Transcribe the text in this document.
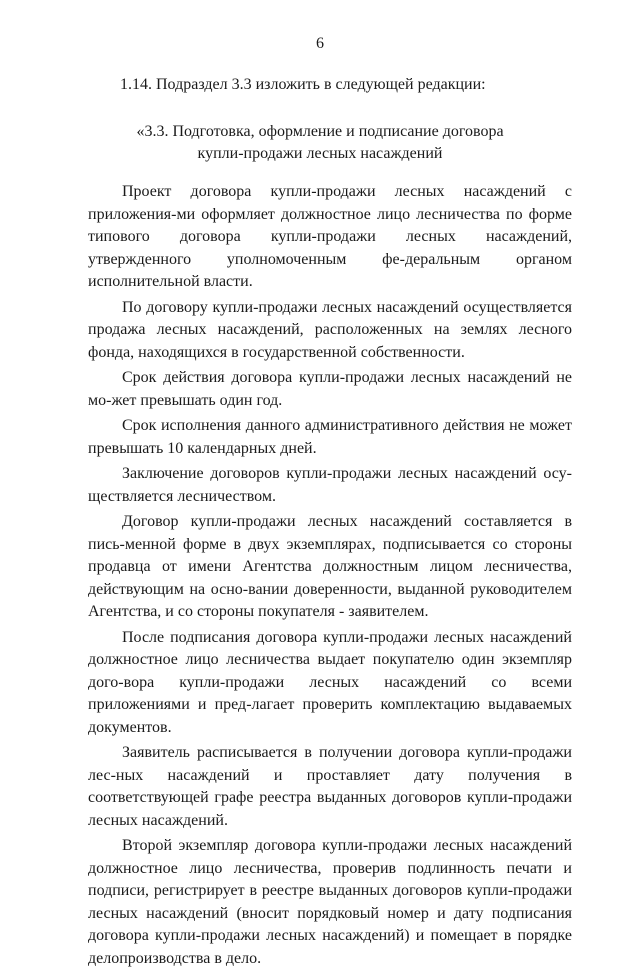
6
1.14. Подраздел 3.3 изложить в следующей редакции:
«3.3. Подготовка, оформление и подписание договора
купли-продажи лесных насаждений

Проект договора купли-продажи лесных насаждений с приложения-ми оформляет должностное лицо лесничества по форме типового договора купли-продажи лесных насаждений, утвержденного уполномоченным фе-деральным органом исполнительной власти.

По договору купли-продажи лесных насаждений осуществляется продажа лесных насаждений, расположенных на землях лесного фонда, находящихся в государственной собственности.

Срок действия договора купли-продажи лесных насаждений не мо-жет превышать один год.

Срок исполнения данного административного действия не может превышать 10 календарных дней.

Заключение договоров купли-продажи лесных насаждений осу-ществляется лесничеством.

Договор купли-продажи лесных насаждений составляется в пись-менной форме в двух экземплярах, подписывается со стороны продавца от имени Агентства должностным лицом лесничества, действующим на осно-вании доверенности, выданной руководителем Агентства, и со стороны покупателя - заявителем.

После подписания договора купли-продажи лесных насаждений должностное лицо лесничества выдает покупателю один экземпляр дого-вора купли-продажи лесных насаждений со всеми приложениями и пред-лагает проверить комплектацию выдаваемых документов.

Заявитель расписывается в получении договора купли-продажи лес-ных насаждений и проставляет дату получения в соответствующей графе реестра выданных договоров купли-продажи лесных насаждений.

Второй экземпляр договора купли-продажи лесных насаждений должностное лицо лесничества, проверив подлинность печати и подписи, регистрирует в реестре выданных договоров купли-продажи лесных насаждений (вносит порядковый номер и дату подписания договора купли-продажи лесных насаждений) и помещает в порядке делопроизводства в дело.
